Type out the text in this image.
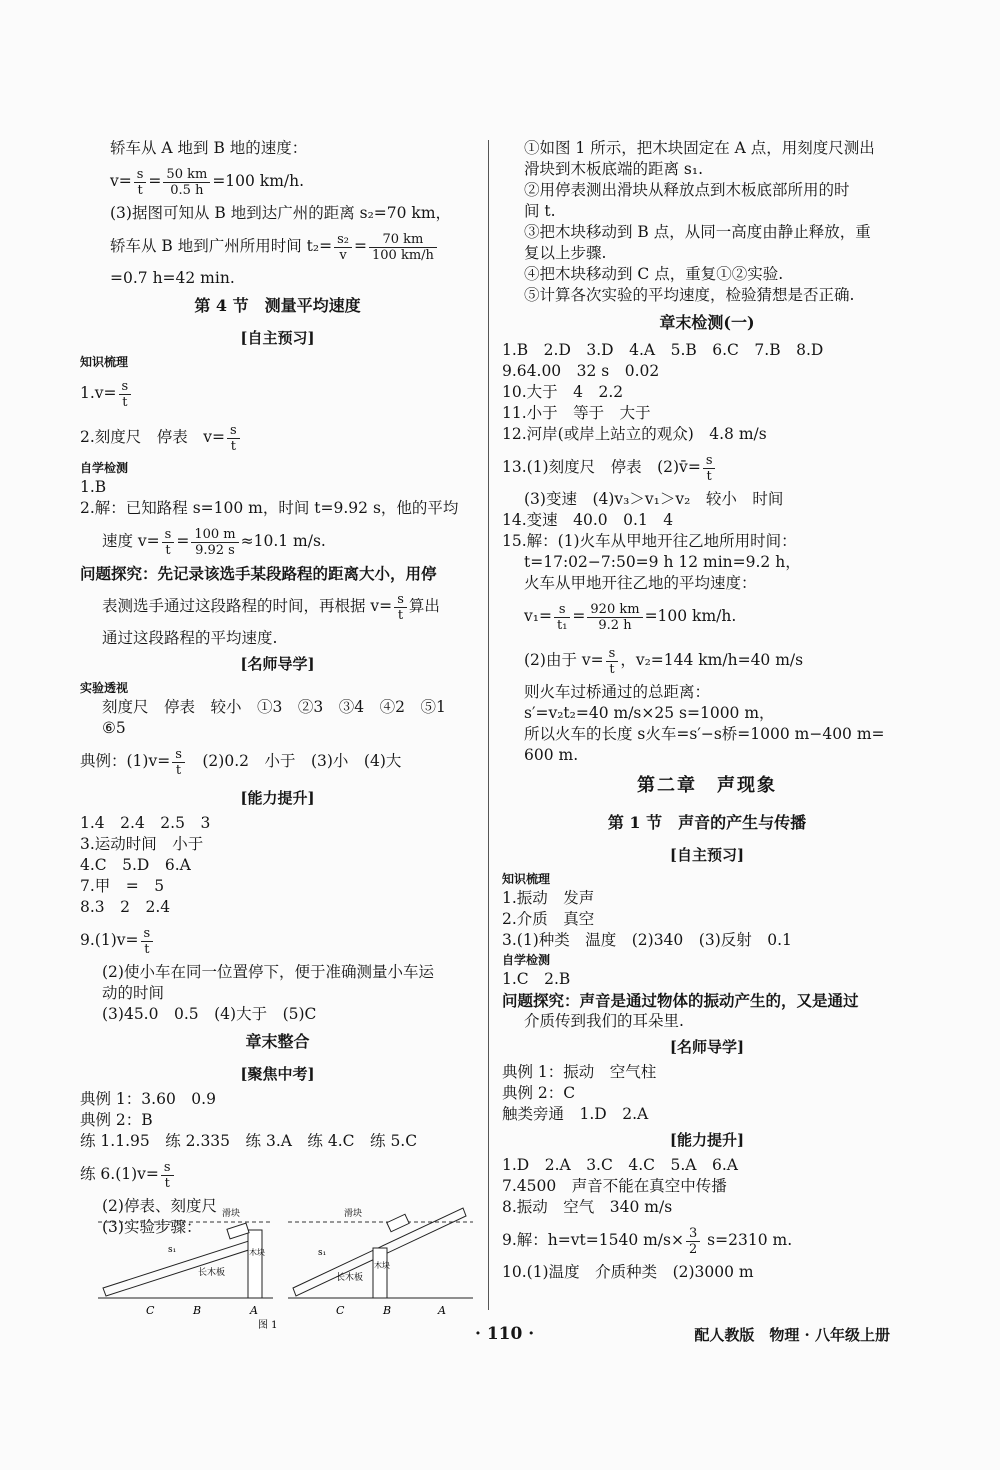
轿车从 A 地到 B 地的速度：
$v= \frac{s}{t} = \frac{50 km}{0.5 h} =100$ km/h.
(3)据图可知从 B 地到达广州的距离 s₂=70 km，
轿车从 B 地到广州所用时间 $t_2= \frac{\text{s₂}}{v} = \frac{70 km}{100 km/h}$
=0.7 h=42 min.
第 4 节　测量平均速度
[自主预习]
知识梳理
$1.v= \frac{s}{t}$
2.刻度尺　停表　$v= \frac{s}{t}$
自学检测
1.B
2.解：已知路程 s=100 m，时间 t=9.92 s，他的平均
速度 $v= \frac{s}{t} = \frac{100 m}{9.92 s} \approx 10.1$ m/s.
问题探究：先记录该选手某段路程的距离大小，用停
表测选手通过这段路程的时间，再根据 $v= \frac{s}{t}$ 算出
通过这段路程的平均速度.
[名师导学]
实验透视
刻度尺　停表　较小　①3　②3　③4　④2　⑤1
⑥5
典例：$(1)v= \frac{s}{t}$ 　(2)0.2　小于　(3)小　(4)大
[能力提升]
1.4　2.4　2.5　3
3.运动时间　小于
4.C　5.D　6.A
7.甲　=　5
8.3　2　2.4
$9.(1)v= \frac{s}{t}$
(2)使小车在同一位置停下，便于准确测量小车运
动的时间
(3)45.0　0.5　(4)大于　(5)C
章末整合
[聚焦中考]
典例 1：3.60　0.9
典例 2：B
练 1.1.95　练 2.335　练 3.A　练 4.C　练 5.C
练 $6.(1)v= \frac{s}{t}$
(2)停表、刻度尺
(3)实验步骤：
滑块
长木板
s₁	木块
C	B	A
滑块
长木板
s₁
木块
C	B	A
图 1
①如图 1 所示，把木块固定在 A 点，用刻度尺测出
滑块到木板底端的距离 s₁.
②用停表测出滑块从释放点到木板底部所用的时
间 t.
③把木块移动到 B 点，从同一高度由静止释放，重
复以上步骤.
④把木块移动到 C 点，重复①②实验.
⑤计算各次实验的平均速度，检验猜想是否正确.
章末检测(一)
1.B　2.D　3.D　4.A　5.B　6.C　7.B　8.D
9.64.00　32 s　0.02
10.大于　4　2.2
11.小于　等于　大于
12.河岸(或岸上站立的观众)　4.8 m/s
13.(1)刻度尺　停表　(2)v̄= $\frac{s}{t}$
(3)变速　(4)v₃＞v₁＞v₂　较小　时间
14.变速　40.0　0.1　4
15.解：(1)火车从甲地开往乙地所用时间：
t=17:02−7:50=9 h 12 min=9.2 h，
火车从甲地开往乙地的平均速度：
$v_1= \frac{s}{\text{t₁}} = \frac{920 km}{9.2 h} =100$ km/h.
(2)由于 $v= \frac{s}{t}$ ，v₂=144 km/h=40 m/s
则火车过桥通过的总距离：
s′=v₂t₂=40 m/s×25 s=1000 m，
所以火车的长度 s火车=s′−s桥=1000 m−400 m=
600 m.
第二章　声现象
第 1 节　声音的产生与传播
[自主预习]
知识梳理
1.振动　发声
2.介质　真空
3.(1)种类　温度　(2)340　(3)反射　0.1
自学检测
1.C　2.B
问题探究：声音是通过物体的振动产生的，又是通过
介质传到我们的耳朵里.
[名师导学]
典例 1：振动　空气柱
典例 2：C
触类旁通　1.D　2.A
[能力提升]
1.D　2.A　3.C　4.C　5.A　6.A
7.4500　声音不能在真空中传播
8.振动　空气　340 m/s
9.解：h=vt=1540 $m/s\times \frac{3}{2} s=2310$ m.
10.(1)温度　介质种类　(2)3000 m
· 110 ·	配人教版　物理 · 八年级上册
